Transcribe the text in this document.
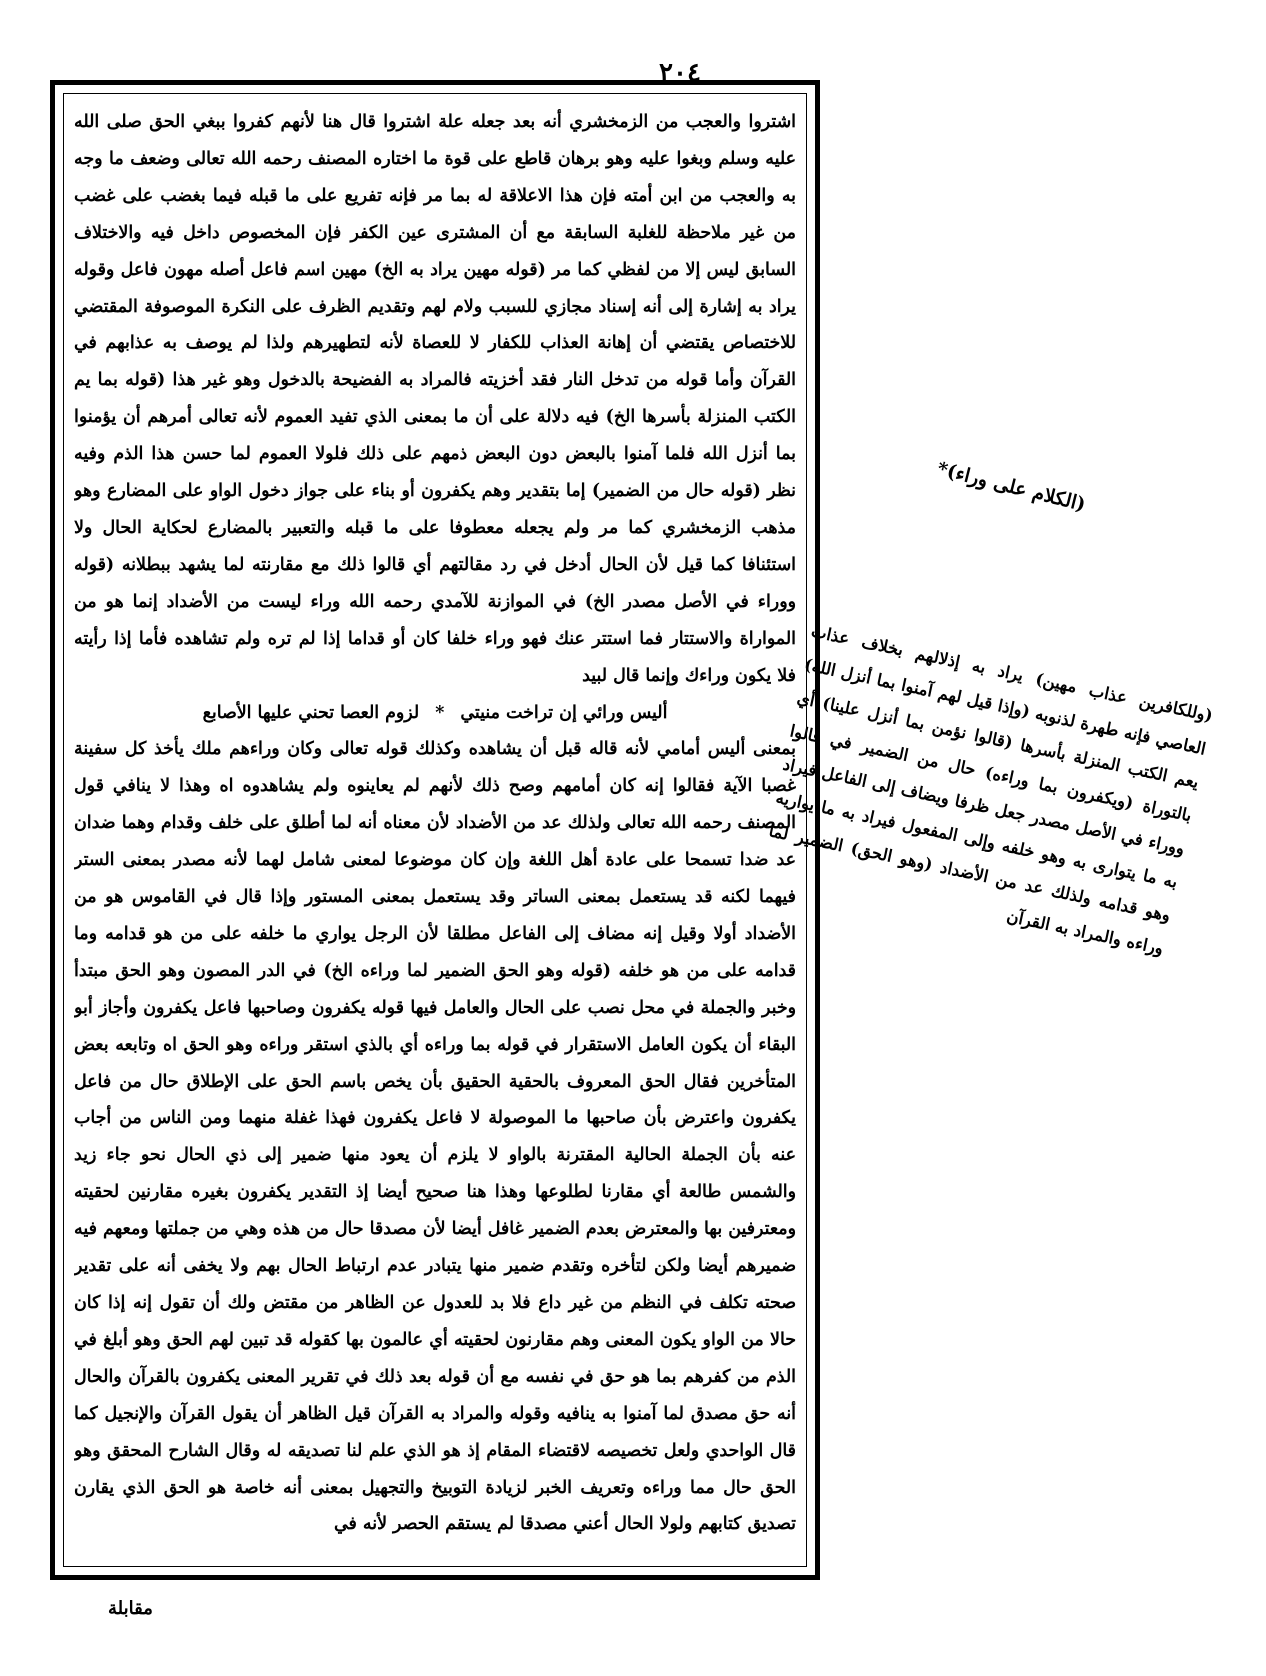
٢٠٤

اشتروا والعجب من الزمخشري أنه بعد جعله علة اشتروا قال هنا لأنهم كفروا ببغي الحق صلى الله عليه وسلم وبغوا عليه وهو برهان قاطع على قوة ما اختاره المصنف رحمه الله تعالى وضعف ما وجه به والعجب من ابن أمته فإن هذا الاعلاقة له بما مر فإنه تفريع على ما قبله فيما بغضب على غضب من غير ملاحظة للغلبة السابقة مع أن المشترى عين الكفر فإن المخصوص داخل فيه والاختلاف السابق ليس إلا من لفظي كما مر (قوله مهين يراد به الخ) مهين اسم فاعل أصله مهون فاعل وقوله يراد به إشارة إلى أنه إسناد مجازي للسبب ولام لهم وتقديم الظرف على النكرة الموصوفة المقتضي للاختصاص يقتضي أن إهانة العذاب للكفار لا للعصاة لأنه لتطهيرهم ولذا لم يوصف به عذابهم في القرآن وأما قوله من تدخل النار فقد أخزيته فالمراد به الفضيحة بالدخول وهو غير هذا (قوله بما يم الكتب المنزلة بأسرها الخ) فيه دلالة على أن ما بمعنى الذي تفيد العموم لأنه تعالى أمرهم أن يؤمنوا بما أنزل الله فلما آمنوا بالبعض دون البعض ذمهم على ذلك فلولا العموم لما حسن هذا الذم وفيه نظر (قوله حال من الضمير) إما بتقدير وهم يكفرون أو بناء على جواز دخول الواو على المضارع وهو مذهب الزمخشري كما مر ولم يجعله معطوفا على ما قبله والتعبير بالمضارع لحكاية الحال ولا استئنافا كما قيل لأن الحال أدخل في رد مقالتهم أي قالوا ذلك مع مقارنته لما يشهد ببطلانه (قوله ووراء في الأصل مصدر الخ) في الموازنة للآمدي رحمه الله وراء ليست من الأضداد إنما هو من المواراة والاستتار فما استتر عنك فهو وراء خلفا كان أو قداما إذا لم تره ولم تشاهده فأما إذا رأيته فلا يكون وراءك وإنما قال لبيد

أليس ورائي إن تراخت منيتي * لزوم العصا تحني عليها الأصابع

بمعنى أليس أمامي لأنه قاله قبل أن يشاهده وكذلك قوله تعالى وكان وراءهم ملك يأخذ كل سفينة غصبا الآية فقالوا إنه كان أمامهم وصح ذلك لأنهم لم يعاينوه ولم يشاهدوه اه وهذا لا ينافي قول المصنف رحمه الله تعالى ولذلك عد من الأضداد لأن معناه أنه لما أطلق على خلف وقدام وهما ضدان عد ضدا تسمحا على عادة أهل اللغة وإن كان موضوعا لمعنى شامل لهما لأنه مصدر بمعنى الستر فيهما لكنه قد يستعمل بمعنى الساتر وقد يستعمل بمعنى المستور وإذا قال في القاموس هو من الأضداد أولا وقيل إنه مضاف إلى الفاعل مطلقا لأن الرجل يواري ما خلفه على من هو قدامه وما قدامه على من هو خلفه (قوله وهو الحق الضمير لما وراءه الخ) في الدر المصون وهو الحق مبتدأ وخبر والجملة في محل نصب على الحال والعامل فيها قوله يكفرون وصاحبها فاعل يكفرون وأجاز أبو البقاء أن يكون العامل الاستقرار في قوله بما وراءه أي بالذي استقر وراءه وهو الحق اه وتابعه بعض المتأخرين فقال الحق المعروف بالحقية الحقيق بأن يخص باسم الحق على الإطلاق حال من فاعل يكفرون واعترض بأن صاحبها ما الموصولة لا فاعل يكفرون فهذا غفلة منهما ومن الناس من أجاب عنه بأن الجملة الحالية المقترنة بالواو لا يلزم أن يعود منها ضمير إلى ذي الحال نحو جاء زيد والشمس طالعة أي مقارنا لطلوعها وهذا هنا صحيح أيضا إذ التقدير يكفرون بغيره مقارنين لحقيته ومعترفين بها والمعترض بعدم الضمير غافل أيضا لأن مصدقا حال من هذه وهي من جملتها ومعهم فيه ضميرهم أيضا ولكن لتأخره وتقدم ضمير منها يتبادر عدم ارتباط الحال بهم ولا يخفى أنه على تقدير صحته تكلف في النظم من غير داع فلا بد للعدول عن الظاهر من مقتض ولك أن تقول إنه إذا كان حالا من الواو يكون المعنى وهم مقارنون لحقيته أي عالمون بها كقوله قد تبين لهم الحق وهو أبلغ في الذم من كفرهم بما هو حق في نفسه مع أن قوله بعد ذلك في تقرير المعنى يكفرون بالقرآن والحال أنه حق مصدق لما آمنوا به ينافيه وقوله والمراد به القرآن قيل الظاهر أن يقول القرآن والإنجيل كما قال الواحدي ولعل تخصيصه لاقتضاء المقام إذ هو الذي علم لنا تصديقه له وقال الشارح المحقق وهو الحق حال مما وراءه وتعريف الخبر لزيادة التوبيخ والتجهيل بمعنى أنه خاصة هو الحق الذي يقارن تصديق كتابهم ولولا الحال أعني مصدقا لم يستقم الحصر لأنه في

مقابلة
(الكلام على وراء)*
(وللكافرين عذاب مهين) يراد به إذلالهم بخلاف عذاب العاصي فإنه طهرة لذنوبه (وإذا قيل لهم آمنوا بما أنزل الله) يعم الكتب المنزلة بأسرها (قالوا نؤمن بما أنزل علينا) أي بالتوراة (ويكفرون بما وراءه) حال من الضمير في قالوا ووراء في الأصل مصدر جعل ظرفا ويضاف إلى الفاعل فيراد به ما يتوارى به وهو خلفه وإلى المفعول فيراد به ما يواريه وهو قدامه ولذلك عد من الأضداد (وهو الحق) الضمير لما وراءه والمراد به القرآن
